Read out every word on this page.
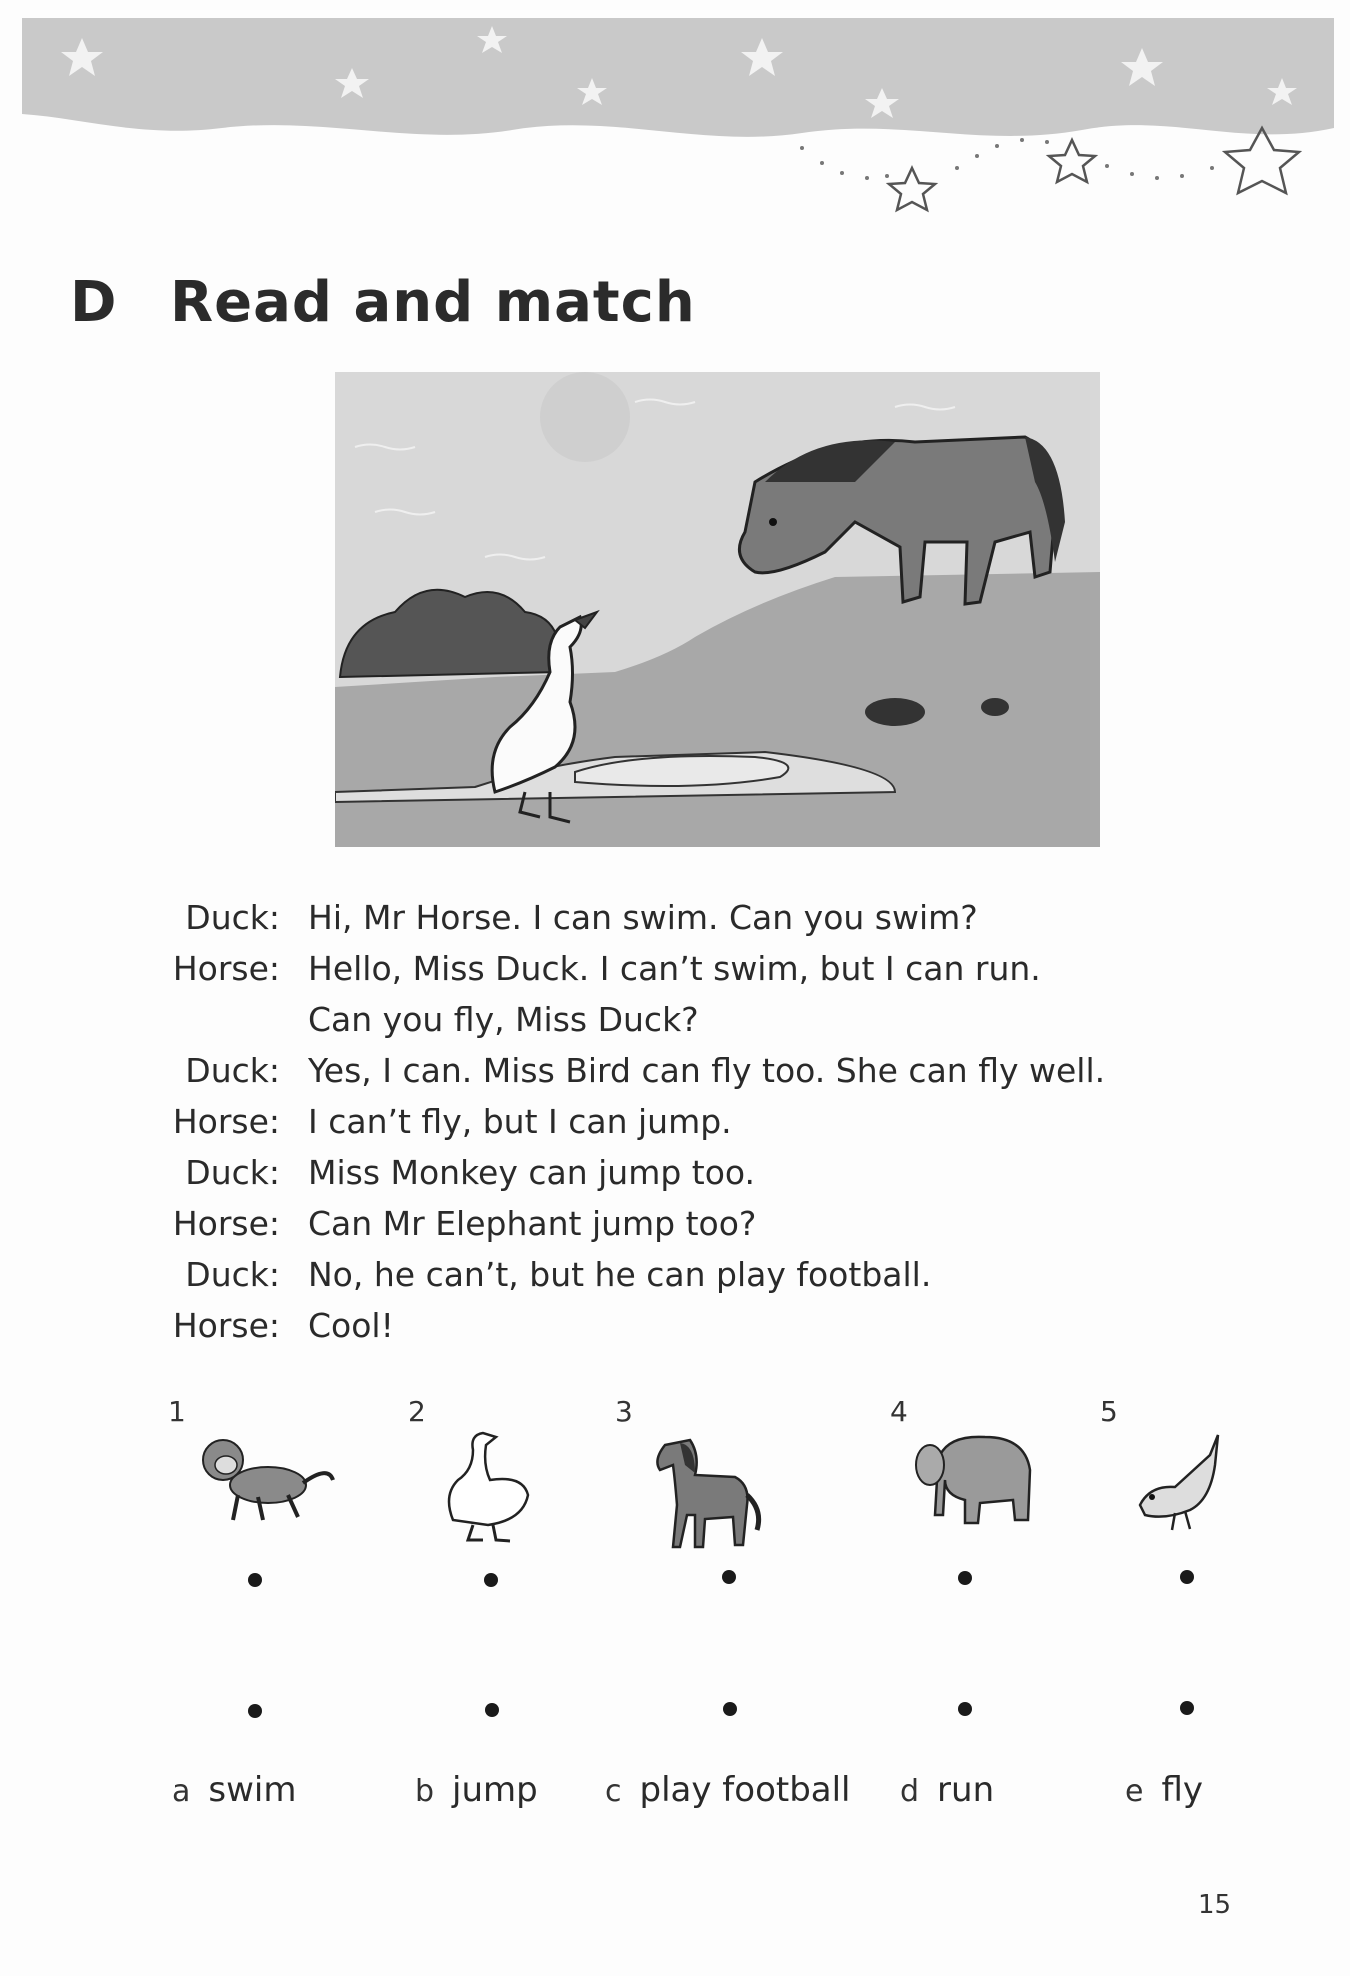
D Read and match
Duck: Hi, Mr Horse. I can swim. Can you swim?
Horse: Hello, Miss Duck. I can’t swim, but I can run.
Can you fly, Miss Duck?
Duck: Yes, I can. Miss Bird can fly too. She can fly well.
Horse: I can’t fly, but I can jump.
Duck: Miss Monkey can jump too.
Horse: Can Mr Elephant jump too?
Duck: No, he can’t, but he can play football.
Horse: Cool!
1	2	3	4	5
a swim	b jump c play football d run	e fly
15
